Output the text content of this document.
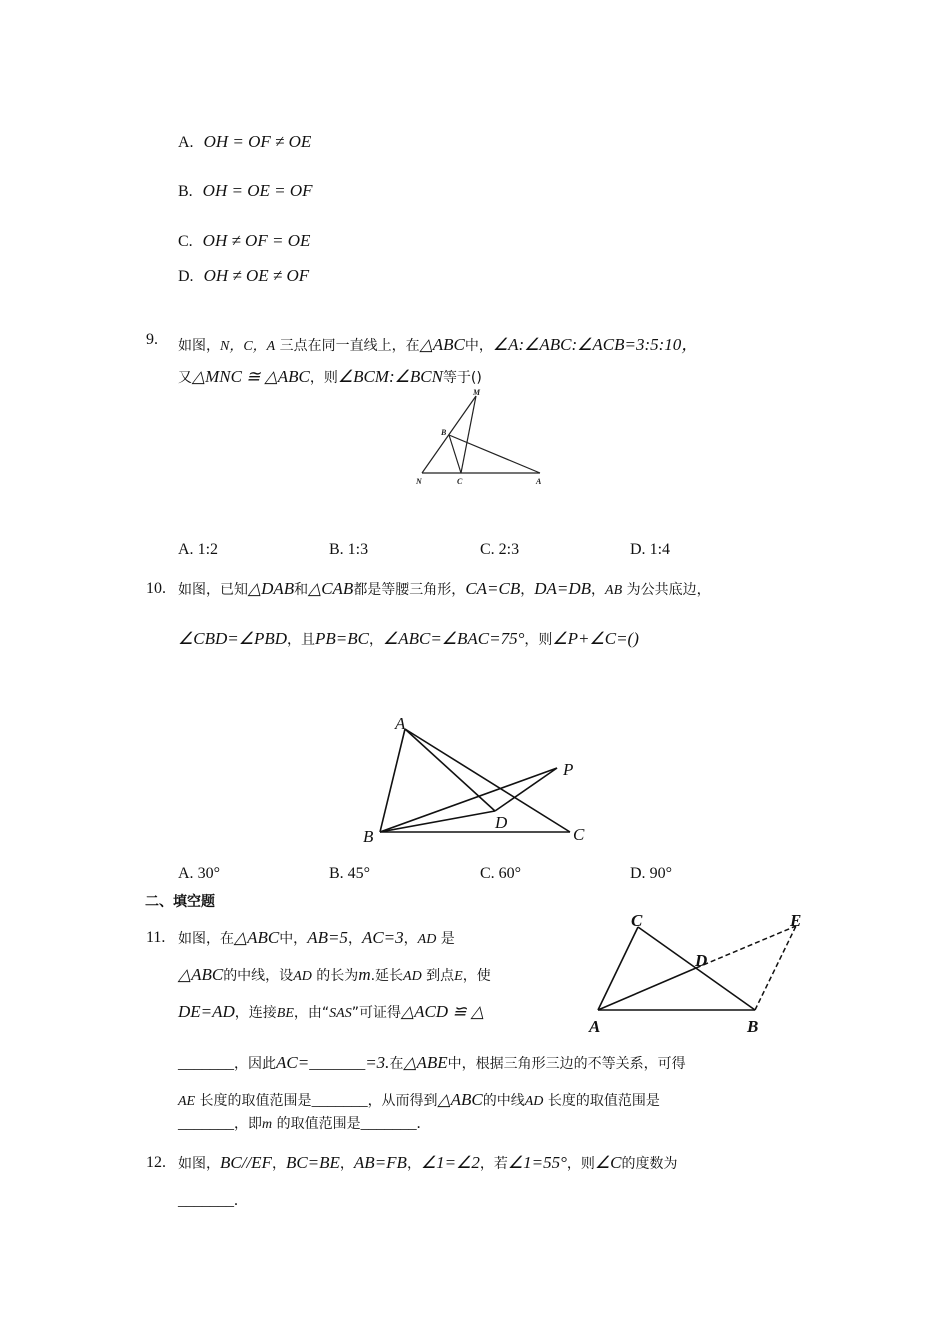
A. OH = OF ≠ OE
B. OH = OE = OF
C. OH ≠ OF = OE
D. OH ≠ OE ≠ OF
9. 如图，N，C，A 三点在同一直线上，在△ABC中，∠A:∠ABC:∠ACB=3:5:10，
又△MNC ≅ △ABC，则∠BCM:∠BCN等于()
M
B
N	C	A
A. 1:2	B. 1:3	C. 2:3	D. 1:4
10. 如图，已知△DAB和△CAB都是等腰三角形，CA=CB，DA=DB，AB 为公共底边，
∠CBD=∠PBD，且PB=BC，∠ABC=∠BAC=75°，则∠P+∠C=()
A
P
D
B	C
A. 30°	B. 45°	C. 60°	D. 90°
二、填空题
11. 如图，在△ABC中，AB=5，AC=3，AD 是
△ABC的中线，设AD 的长为m.延长AD 到点E，使
DE=AD，连接BE，由“SAS”可证得△ACD ≌ △
C	E
D
A	B
_______，因此AC=_______=3.在△ABE中，根据三角形三边的不等关系，可得
AE 长度的取值范围是_______，从而得到△ABC的中线AD 长度的取值范围是
_______，即m 的取值范围是_______.
12. 如图，BC//EF，BC=BE，AB=FB，∠1=∠2，若∠1=55°，则∠C的度数为
_______.
